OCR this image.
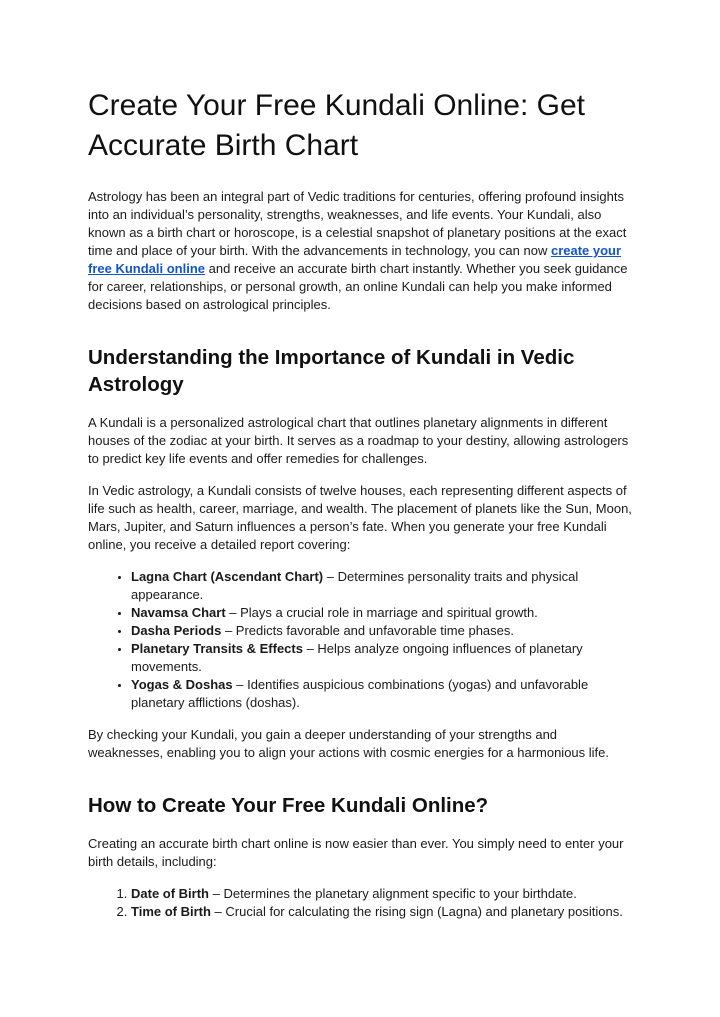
Create Your Free Kundali Online: Get Accurate Birth Chart

Astrology has been an integral part of Vedic traditions for centuries, offering profound insights into an individual’s personality, strengths, weaknesses, and life events. Your Kundali, also known as a birth chart or horoscope, is a celestial snapshot of planetary positions at the exact time and place of your birth. With the advancements in technology, you can now create your free Kundali online and receive an accurate birth chart instantly. Whether you seek guidance for career, relationships, or personal growth, an online Kundali can help you make informed decisions based on astrological principles.

Understanding the Importance of Kundali in Vedic Astrology

A Kundali is a personalized astrological chart that outlines planetary alignments in different houses of the zodiac at your birth. It serves as a roadmap to your destiny, allowing astrologers to predict key life events and offer remedies for challenges.

In Vedic astrology, a Kundali consists of twelve houses, each representing different aspects of life such as health, career, marriage, and wealth. The placement of planets like the Sun, Moon, Mars, Jupiter, and Saturn influences a person’s fate. When you generate your free Kundali online, you receive a detailed report covering:

• Lagna Chart (Ascendant Chart) – Determines personality traits and physical appearance.
• Navamsa Chart – Plays a crucial role in marriage and spiritual growth.
• Dasha Periods – Predicts favorable and unfavorable time phases.
• Planetary Transits & Effects – Helps analyze ongoing influences of planetary movements.
• Yogas & Doshas – Identifies auspicious combinations (yogas) and unfavorable planetary afflictions (doshas).

By checking your Kundali, you gain a deeper understanding of your strengths and weaknesses, enabling you to align your actions with cosmic energies for a harmonious life.

How to Create Your Free Kundali Online?

Creating an accurate birth chart online is now easier than ever. You simply need to enter your birth details, including:

1. Date of Birth – Determines the planetary alignment specific to your birthdate.
2. Time of Birth – Crucial for calculating the rising sign (Lagna) and planetary positions.
